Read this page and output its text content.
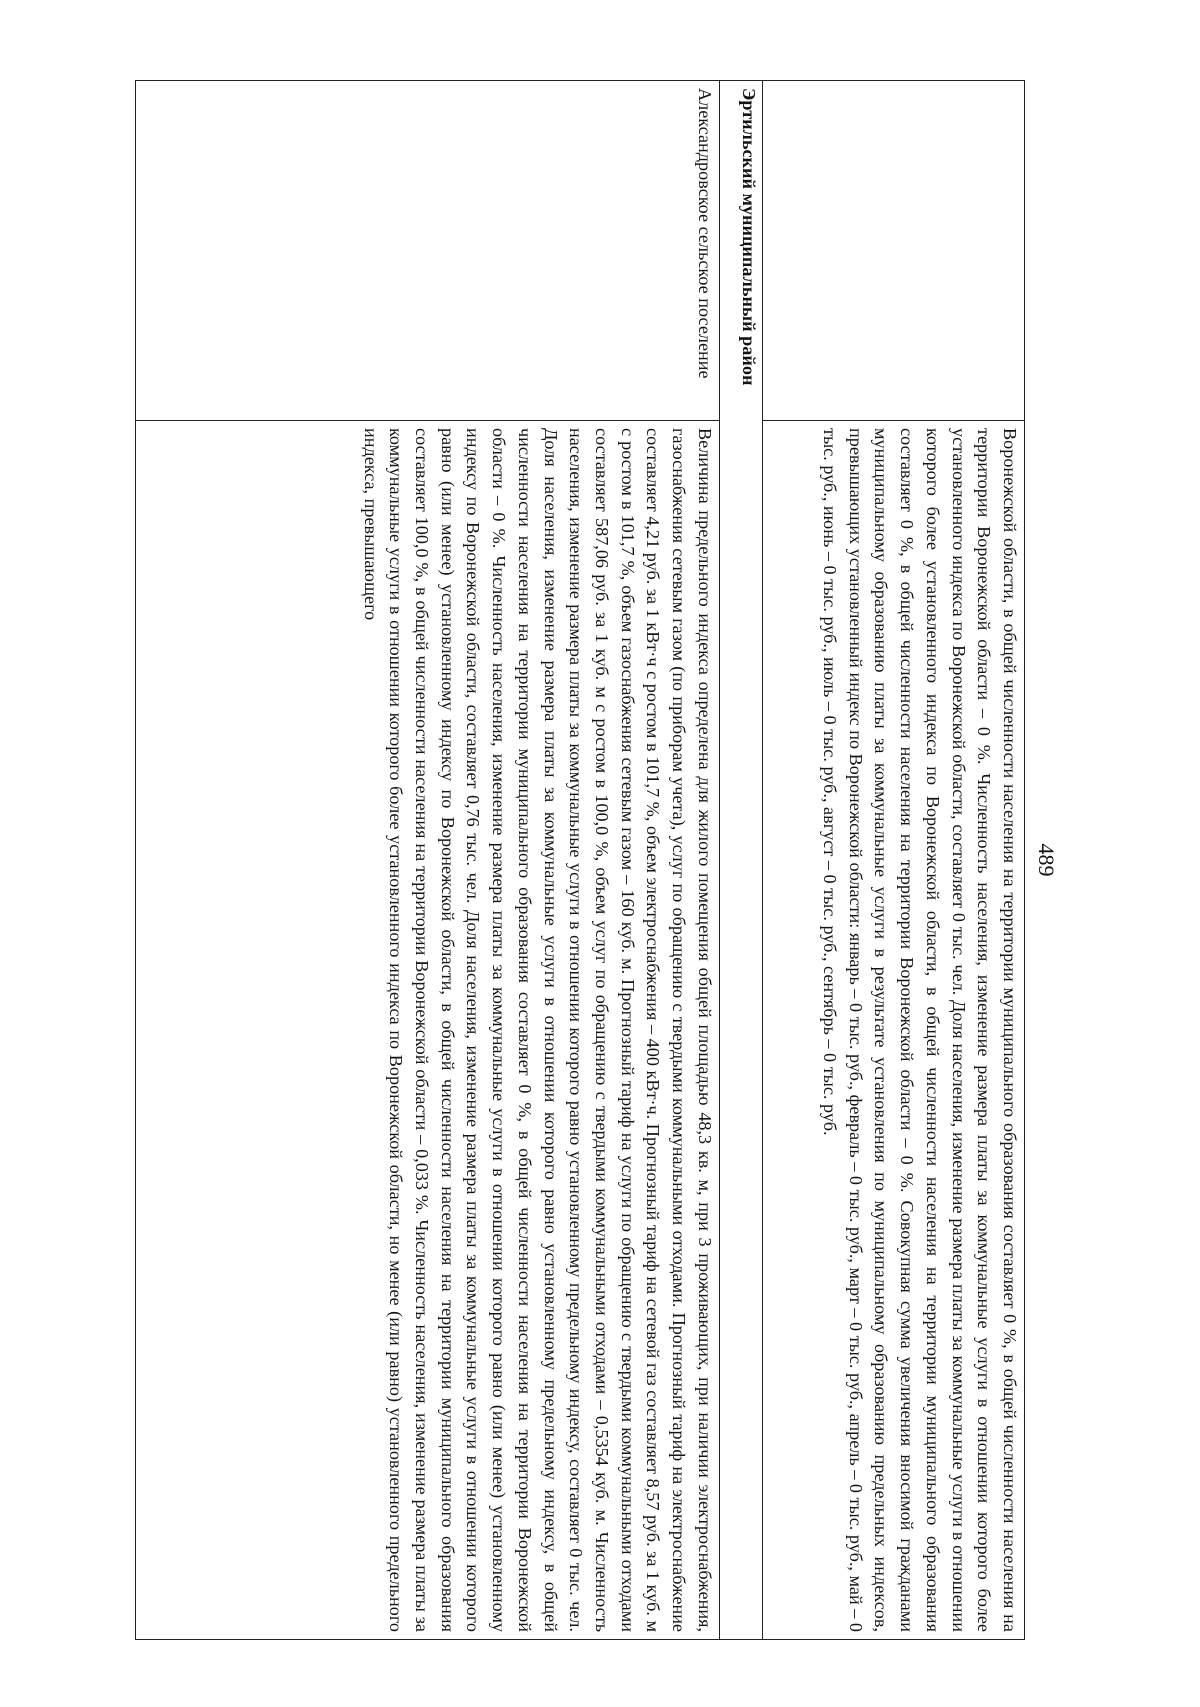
489
	Воронежской области, в общей численности населения на территории муниципального образования составляет 0 %, в общей численности населения на территории Воронежской области – 0 %. Численность населения, изменение размера платы за коммунальные услуги в отношении которого более установленного индекса по Воронежской области, составляет 0 тыс. чел. Доля населения, изменение размера платы за коммунальные услуги в отношении которого более установленного индекса по Воронежской области, в общей численности населения на территории муниципального образования составляет 0 %, в общей численности населения на территории Воронежской области – 0 %. Совокупная сумма увеличения вносимой гражданами муниципальному образованию платы за коммунальные услуги в результате установления по муниципальному образованию предельных индексов, превышающих установленный индекс по Воронежской области: январь – 0 тыс. руб., февраль – 0 тыс. руб., март – 0 тыс. руб., апрель – 0 тыс. руб., май – 0 тыс. руб., июнь – 0 тыс. руб., июль – 0 тыс. руб., август – 0 тыс. руб., сентябрь – 0 тыс. руб.
Эртильский муниципальный район	
Александровское сельское поселение	Величина предельного индекса определена для жилого помещения общей площадью 48,3 кв. м, при 3 проживающих, при наличии электроснабжения, газоснабжения сетевым газом (по приборам учета), услуг по обращению с твердыми коммунальными отходами. Прогнозный тариф на электроснабжение составляет 4,21 руб. за 1 кВт·ч с ростом в 101,7 %, объем электроснабжения – 400 кВт·ч. Прогнозный тариф на сетевой газ составляет 8,57 руб. за 1 куб. м с ростом в 101,7 %, объем газоснабжения сетевым газом – 160 куб. м. Прогнозный тариф на услуги по обращению с твердыми коммунальными отходами составляет 587,06 руб. за 1 куб. м с ростом в 100,0 %, объем услуг по обращению с твердыми коммунальными отходами – 0,5354 куб. м. Численность населения, изменение размера платы за коммунальные услуги в отношении которого равно установленному предельному индексу, составляет 0 тыс. чел. Доля населения, изменение размера платы за коммунальные услуги в отношении которого равно установленному предельному индексу, в общей численности населения на территории муниципального образования составляет 0 %, в общей численности населения на территории Воронежской области – 0 %. Численность населения, изменение размера платы за коммунальные услуги в отношении которого равно (или менее) установленному индексу по Воронежской области, составляет 0,76 тыс. чел. Доля населения, изменение размера платы за коммунальные услуги в отношении которого равно (или менее) установленному индексу по Воронежской области, в общей численности населения на территории муниципального образования составляет 100,0 %, в общей численности населения на территории Воронежской области – 0,033 %. Численность населения, изменение размера платы за коммунальные услуги в отношении которого более установленного индекса по Воронежской области, но менее (или равно) установленного предельного индекса, превышающего
